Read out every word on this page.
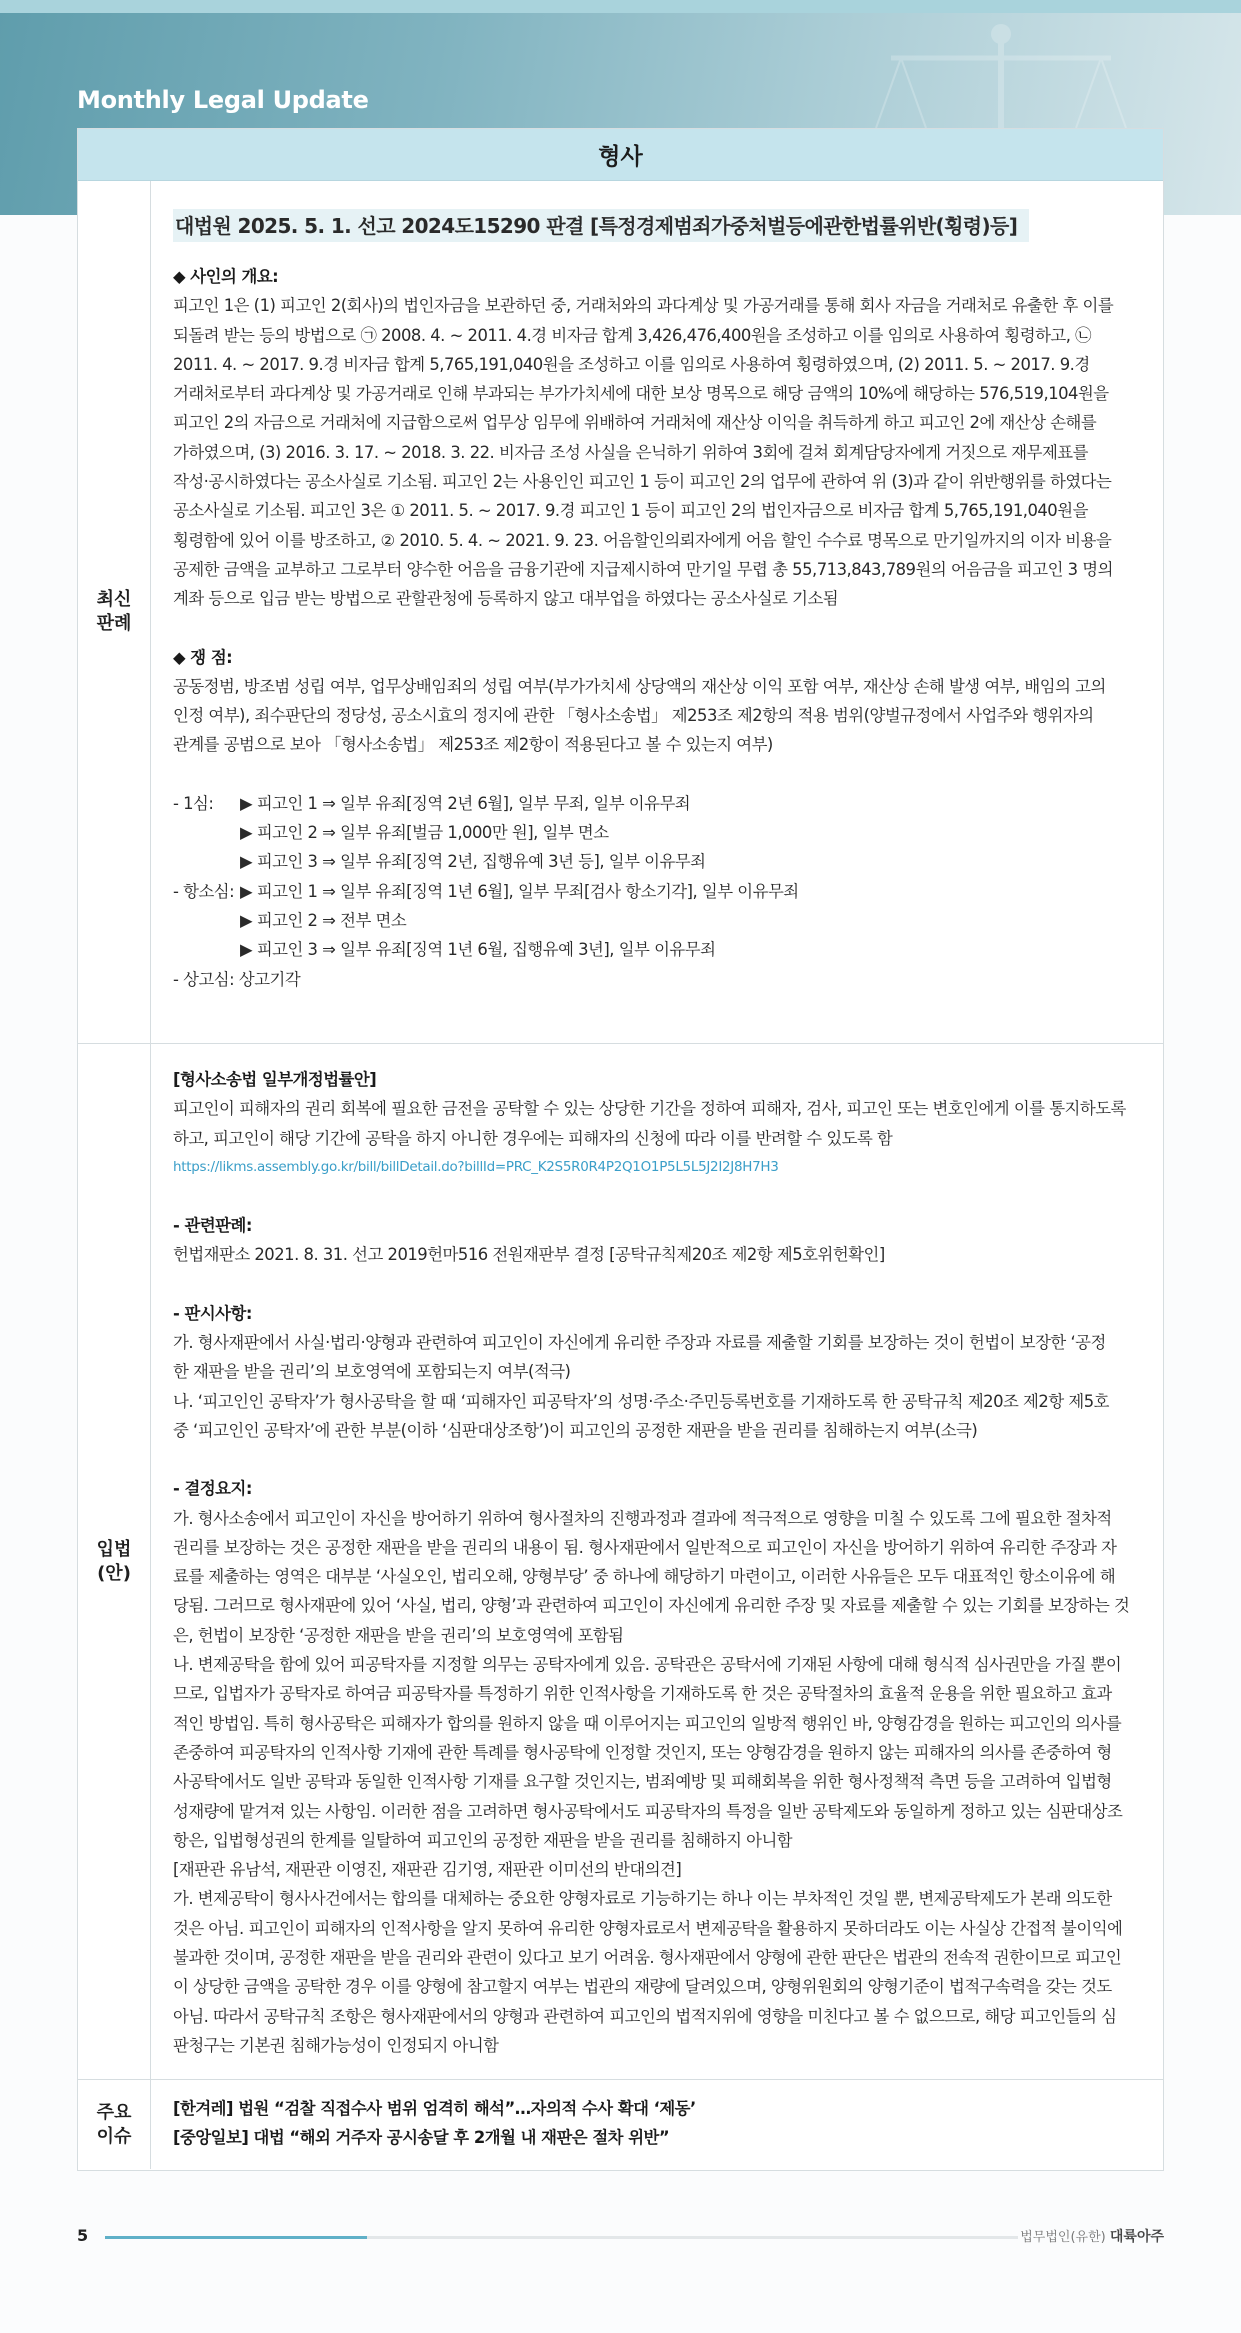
Monthly Legal Update
형사
최신
판례
대법원 2025. 5. 1. 선고 2024도15290 판결 [특정경제범죄가중처벌등에관한법률위반(횡령)등]
◆ 사인의 개요:
피고인 1은 (1) 피고인 2(회사)의 법인자금을 보관하던 중, 거래처와의 과다계상 및 가공거래를 통해 회사 자금을 거래처로 유출한 후 이를
되돌려 받는 등의 방법으로 ㉠ 2008. 4. ~ 2011. 4.경 비자금 합계 3,426,476,400원을 조성하고 이를 임의로 사용하여 횡령하고, ㉡
2011. 4. ~ 2017. 9.경 비자금 합계 5,765,191,040원을 조성하고 이를 임의로 사용하여 횡령하였으며, (2) 2011. 5. ~ 2017. 9.경
거래처로부터 과다계상 및 가공거래로 인해 부과되는 부가가치세에 대한 보상 명목으로 해당 금액의 10%에 해당하는 576,519,104원을
피고인 2의 자금으로 거래처에 지급함으로써 업무상 임무에 위배하여 거래처에 재산상 이익을 취득하게 하고 피고인 2에 재산상 손해를
가하였으며, (3) 2016. 3. 17. ~ 2018. 3. 22. 비자금 조성 사실을 은닉하기 위하여 3회에 걸쳐 회계담당자에게 거짓으로 재무제표를
작성·공시하였다는 공소사실로 기소됨. 피고인 2는 사용인인 피고인 1 등이 피고인 2의 업무에 관하여 위 (3)과 같이 위반행위를 하였다는
공소사실로 기소됨. 피고인 3은 ① 2011. 5. ~ 2017. 9.경 피고인 1 등이 피고인 2의 법인자금으로 비자금 합계 5,765,191,040원을
횡령함에 있어 이를 방조하고, ② 2010. 5. 4. ~ 2021. 9. 23. 어음할인의뢰자에게 어음 할인 수수료 명목으로 만기일까지의 이자 비용을
공제한 금액을 교부하고 그로부터 양수한 어음을 금융기관에 지급제시하여 만기일 무렵 총 55,713,843,789원의 어음금을 피고인 3 명의
계좌 등으로 입금 받는 방법으로 관할관청에 등록하지 않고 대부업을 하였다는 공소사실로 기소됨
◆ 쟁 점:
공동정범, 방조범 성립 여부, 업무상배임죄의 성립 여부(부가가치세 상당액의 재산상 이익 포함 여부, 재산상 손해 발생 여부, 배임의 고의
인정 여부), 죄수판단의 정당성, 공소시효의 정지에 관한 「형사소송법」 제253조 제2항의 적용 범위(양벌규정에서 사업주와 행위자의
관계를 공범으로 보아 「형사소송법」 제253조 제2항이 적용된다고 볼 수 있는지 여부)
- 1심: ▶ 피고인 1 ⇒ 일부 유죄[징역 2년 6월], 일부 무죄, 일부 이유무죄
▶ 피고인 2 ⇒ 일부 유죄[벌금 1,000만 원], 일부 면소
▶ 피고인 3 ⇒ 일부 유죄[징역 2년, 집행유예 3년 등], 일부 이유무죄
- 항소심: ▶ 피고인 1 ⇒ 일부 유죄[징역 1년 6월], 일부 무죄[검사 항소기각], 일부 이유무죄
▶ 피고인 2 ⇒ 전부 면소
▶ 피고인 3 ⇒ 일부 유죄[징역 1년 6월, 집행유예 3년], 일부 이유무죄
- 상고심: 상고기각
입법
(안)
[형사소송법 일부개정법률안]
피고인이 피해자의 권리 회복에 필요한 금전을 공탁할 수 있는 상당한 기간을 정하여 피해자, 검사, 피고인 또는 변호인에게 이를 통지하도록
하고, 피고인이 해당 기간에 공탁을 하지 아니한 경우에는 피해자의 신청에 따라 이를 반려할 수 있도록 함
https://likms.assembly.go.kr/bill/billDetail.do?billId=PRC_K2S5R0R4P2Q1O1P5L5L5J2I2J8H7H3
- 관련판례:
헌법재판소 2021. 8. 31. 선고 2019헌마516 전원재판부 결정 [공탁규칙제20조 제2항 제5호위헌확인]
- 판시사항:
가. 형사재판에서 사실·법리·양형과 관련하여 피고인이 자신에게 유리한 주장과 자료를 제출할 기회를 보장하는 것이 헌법이 보장한 ‘공정
한 재판을 받을 권리’의 보호영역에 포함되는지 여부(적극)
나. ‘피고인인 공탁자’가 형사공탁을 할 때 ‘피해자인 피공탁자’의 성명·주소·주민등록번호를 기재하도록 한 공탁규칙 제20조 제2항 제5호
중 ‘피고인인 공탁자’에 관한 부분(이하 ‘심판대상조항’)이 피고인의 공정한 재판을 받을 권리를 침해하는지 여부(소극)
- 결정요지:
가. 형사소송에서 피고인이 자신을 방어하기 위하여 형사절차의 진행과정과 결과에 적극적으로 영향을 미칠 수 있도록 그에 필요한 절차적
권리를 보장하는 것은 공정한 재판을 받을 권리의 내용이 됨. 형사재판에서 일반적으로 피고인이 자신을 방어하기 위하여 유리한 주장과 자
료를 제출하는 영역은 대부분 ‘사실오인, 법리오해, 양형부당’ 중 하나에 해당하기 마련이고, 이러한 사유들은 모두 대표적인 항소이유에 해
당됨. 그러므로 형사재판에 있어 ‘사실, 법리, 양형’과 관련하여 피고인이 자신에게 유리한 주장 및 자료를 제출할 수 있는 기회를 보장하는 것
은, 헌법이 보장한 ‘공정한 재판을 받을 권리’의 보호영역에 포함됨
나. 변제공탁을 함에 있어 피공탁자를 지정할 의무는 공탁자에게 있음. 공탁관은 공탁서에 기재된 사항에 대해 형식적 심사권만을 가질 뿐이
므로, 입법자가 공탁자로 하여금 피공탁자를 특정하기 위한 인적사항을 기재하도록 한 것은 공탁절차의 효율적 운용을 위한 필요하고 효과
적인 방법임. 특히 형사공탁은 피해자가 합의를 원하지 않을 때 이루어지는 피고인의 일방적 행위인 바, 양형감경을 원하는 피고인의 의사를
존중하여 피공탁자의 인적사항 기재에 관한 특례를 형사공탁에 인정할 것인지, 또는 양형감경을 원하지 않는 피해자의 의사를 존중하여 형
사공탁에서도 일반 공탁과 동일한 인적사항 기재를 요구할 것인지는, 범죄예방 및 피해회복을 위한 형사정책적 측면 등을 고려하여 입법형
성재량에 맡겨져 있는 사항임. 이러한 점을 고려하면 형사공탁에서도 피공탁자의 특정을 일반 공탁제도와 동일하게 정하고 있는 심판대상조
항은, 입법형성권의 한계를 일탈하여 피고인의 공정한 재판을 받을 권리를 침해하지 아니함
[재판관 유남석, 재판관 이영진, 재판관 김기영, 재판관 이미선의 반대의견]
가. 변제공탁이 형사사건에서는 합의를 대체하는 중요한 양형자료로 기능하기는 하나 이는 부차적인 것일 뿐, 변제공탁제도가 본래 의도한
것은 아님. 피고인이 피해자의 인적사항을 알지 못하여 유리한 양형자료로서 변제공탁을 활용하지 못하더라도 이는 사실상 간접적 불이익에
불과한 것이며, 공정한 재판을 받을 권리와 관련이 있다고 보기 어려움. 형사재판에서 양형에 관한 판단은 법관의 전속적 권한이므로 피고인
이 상당한 금액을 공탁한 경우 이를 양형에 참고할지 여부는 법관의 재량에 달려있으며, 양형위원회의 양형기준이 법적구속력을 갖는 것도
아님. 따라서 공탁규칙 조항은 형사재판에서의 양형과 관련하여 피고인의 법적지위에 영향을 미친다고 볼 수 없으므로, 해당 피고인들의 심
판청구는 기본권 침해가능성이 인정되지 아니함
주요
이슈
[한겨레] 법원 “검찰 직접수사 범위 엄격히 해석”…자의적 수사 확대 ‘제동’
[중앙일보] 대법 “해외 거주자 공시송달 후 2개월 내 재판은 절차 위반”
5	법무법인(유한) 대륙아주
